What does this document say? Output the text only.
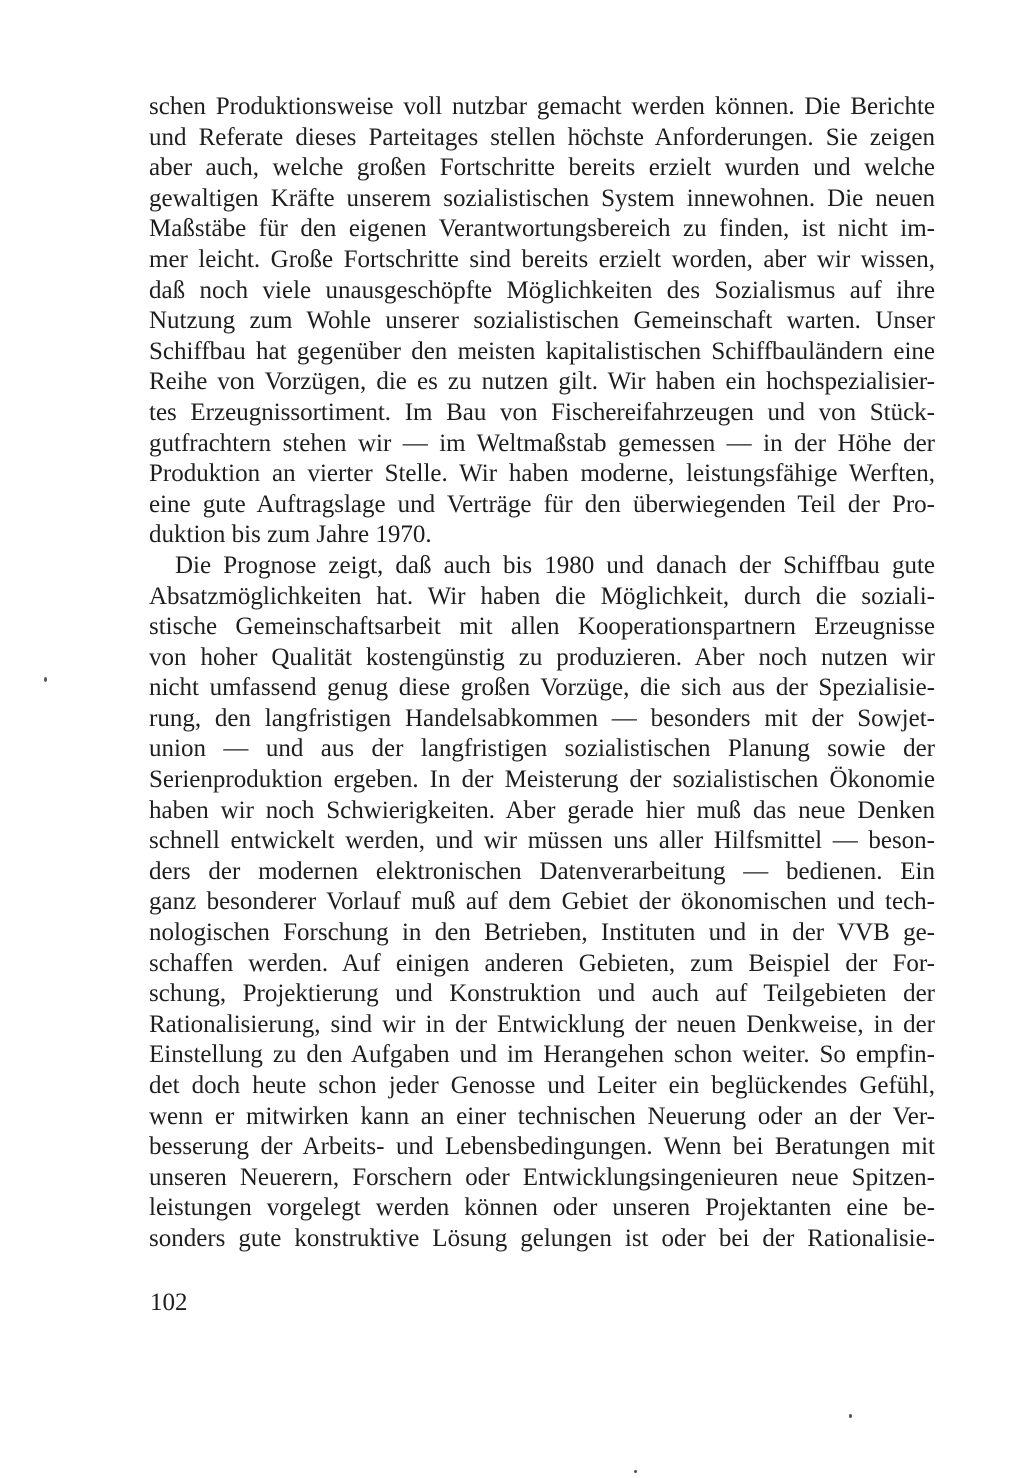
schen Produktionsweise voll nutzbar gemacht werden können. Die Berichte
und Referate dieses Parteitages stellen höchste Anforderungen. Sie zeigen
aber auch, welche großen Fortschritte bereits erzielt wurden und welche
gewaltigen Kräfte unserem sozialistischen System innewohnen. Die neuen
Maßstäbe für den eigenen Verantwortungsbereich zu finden, ist nicht im-
mer leicht. Große Fortschritte sind bereits erzielt worden, aber wir wissen,
daß noch viele unausgeschöpfte Möglichkeiten des Sozialismus auf ihre
Nutzung zum Wohle unserer sozialistischen Gemeinschaft warten. Unser
Schiffbau hat gegenüber den meisten kapitalistischen Schiffbauländern eine
Reihe von Vorzügen, die es zu nutzen gilt. Wir haben ein hochspezialisier-
tes Erzeugnissortiment. Im Bau von Fischereifahrzeugen und von Stück-
gutfrachtern stehen wir — im Weltmaßstab gemessen — in der Höhe der
Produktion an vierter Stelle. Wir haben moderne, leistungsfähige Werften,
eine gute Auftragslage und Verträge für den überwiegenden Teil der Pro-
duktion bis zum Jahre 1970.
Die Prognose zeigt, daß auch bis 1980 und danach der Schiffbau gute
Absatzmöglichkeiten hat. Wir haben die Möglichkeit, durch die soziali-
stische Gemeinschaftsarbeit mit allen Kooperationspartnern Erzeugnisse
von hoher Qualität kostengünstig zu produzieren. Aber noch nutzen wir
nicht umfassend genug diese großen Vorzüge, die sich aus der Spezialisie-
rung, den langfristigen Handelsabkommen — besonders mit der Sowjet-
union — und aus der langfristigen sozialistischen Planung sowie der
Serienproduktion ergeben. In der Meisterung der sozialistischen Ökonomie
haben wir noch Schwierigkeiten. Aber gerade hier muß das neue Denken
schnell entwickelt werden, und wir müssen uns aller Hilfsmittel — beson-
ders der modernen elektronischen Datenverarbeitung — bedienen. Ein
ganz besonderer Vorlauf muß auf dem Gebiet der ökonomischen und tech-
nologischen Forschung in den Betrieben, Instituten und in der VVB ge-
schaffen werden. Auf einigen anderen Gebieten, zum Beispiel der For-
schung, Projektierung und Konstruktion und auch auf Teilgebieten der
Rationalisierung, sind wir in der Entwicklung der neuen Denkweise, in der
Einstellung zu den Aufgaben und im Herangehen schon weiter. So empfin-
det doch heute schon jeder Genosse und Leiter ein beglückendes Gefühl,
wenn er mitwirken kann an einer technischen Neuerung oder an der Ver-
besserung der Arbeits- und Lebensbedingungen. Wenn bei Beratungen mit
unseren Neuerern, Forschern oder Entwicklungsingenieuren neue Spitzen-
leistungen vorgelegt werden können oder unseren Projektanten eine be-
sonders gute konstruktive Lösung gelungen ist oder bei der Rationalisie-
102
